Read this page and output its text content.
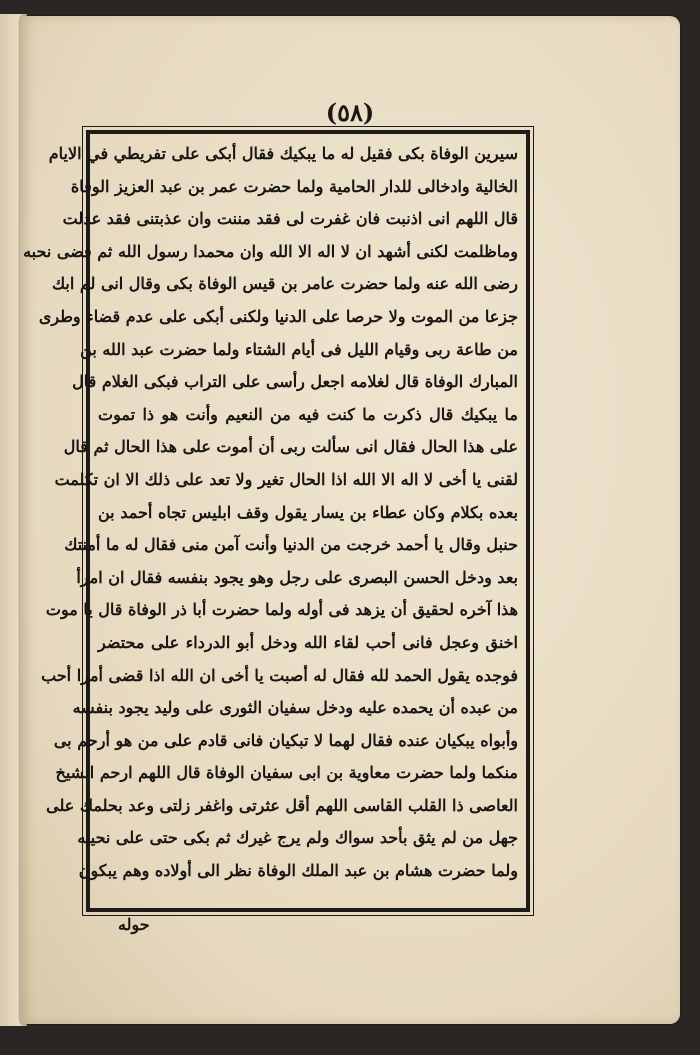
(٥٨)
سيرين الوفاة بكى فقيل له ما يبكيك فقال أبكى على تفريطي في الايام
الخالية وادخالى للدار الحامية ولما حضرت عمر بن عبد العزيز الوفاة
قال اللهم انى اذنبت فان غفرت لى فقد مننت وان عذبتنى فقد عدلت
وماظلمت لكنى أشهد ان لا اله الا الله وان محمدا رسول الله ثم قضى نحبه
رضى الله عنه ولما حضرت عامر بن قيس الوفاة بكى وقال انى لم ابك
جزعا من الموت ولا حرصا على الدنيا ولكنى أبكى على عدم قضاء وطرى
من طاعة ربى وقيام الليل فى أيام الشتاء ولما حضرت عبد الله بن
المبارك الوفاة قال لغلامه اجعل رأسى على التراب فبكى الغلام قال
ما يبكيك قال ذكرت ما كنت فيه من النعيم وأنت هو ذا تموت
على هذا الحال فقال انى سألت ربى أن أموت على هذا الحال ثم قال
لقنى يا أخى لا اله الا الله اذا الحال تغير ولا تعد على ذلك الا ان تكلمت
بعده بكلام وكان عطاء بن يسار يقول وقف ابليس تجاه أحمد بن
حنبل وقال يا أحمد خرجت من الدنيا وأنت آمن منى فقال له ما أمنتك
بعد ودخل الحسن البصرى على رجل وهو يجود بنفسه فقال ان امرأ
هذا آخره لحقيق أن يزهد فى أوله ولما حضرت أبا ذر الوفاة قال يا موت
اخنق وعجل فانى أحب لقاء الله ودخل أبو الدرداء على محتضر
فوجده يقول الحمد لله فقال له أصبت يا أخى ان الله اذا قضى أمرا أحب
من عبده أن يحمده عليه ودخل سفيان الثورى على وليد يجود بنفسه
وأبواه يبكيان عنده فقال لهما لا تبكيان فانى قادم على من هو أرحم بى
منكما ولما حضرت معاوية بن ابى سفيان الوفاة قال اللهم ارحم الشيخ
العاصى ذا القلب القاسى اللهم أقل عثرتى واغفر زلتى وعد بحلمك على
جهل من لم يثق بأحد سواك ولم يرج غيرك ثم بكى حتى على نحيبه
ولما حضرت هشام بن عبد الملك الوفاة نظر الى أولاده وهم يبكون
حوله
